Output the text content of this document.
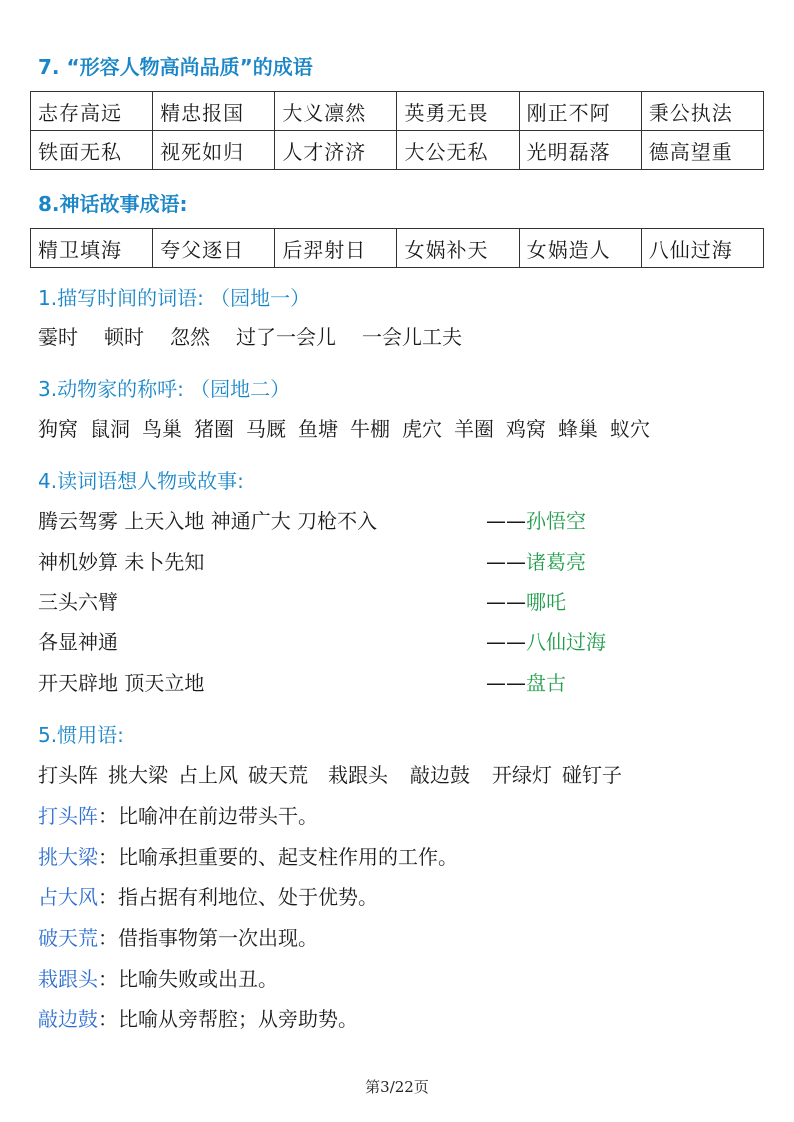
7. “形容人物高尚品质”的成语
志存高远	精忠报国	大义凛然	英勇无畏	刚正不阿	秉公执法
铁面无私	视死如归	人才济济	大公无私	光明磊落	德高望重
8.神话故事成语:
精卫填海	夸父逐日	后羿射日	女娲补天	女娲造人	八仙过海
1.描写时间的词语: （园地一）
霎时 顿时 忽然 过了一会儿 一会儿工夫
3.动物家的称呼: （园地二）
狗窝 鼠洞 鸟巢 猪圈 马厩 鱼塘 牛棚 虎穴 羊圈 鸡窝 蜂巢 蚁穴
4.读词语想人物或故事:
腾云驾雾 上天入地 神通广大 刀枪不入	——孙悟空
神机妙算 未卜先知	——诸葛亮
三头六臂	——哪吒
各显神通	——八仙过海
开天辟地 顶天立地	——盘古
5.惯用语:
打头阵 挑大梁 占上风 破天荒 栽跟头 敲边鼓 开绿灯 碰钉子
打头阵：比喻冲在前边带头干。
挑大梁：比喻承担重要的、起支柱作用的工作。
占大风：指占据有利地位、处于优势。
破天荒：借指事物第一次出现。
栽跟头：比喻失败或出丑。
敲边鼓：比喻从旁帮腔；从旁助势。
第3/22页
